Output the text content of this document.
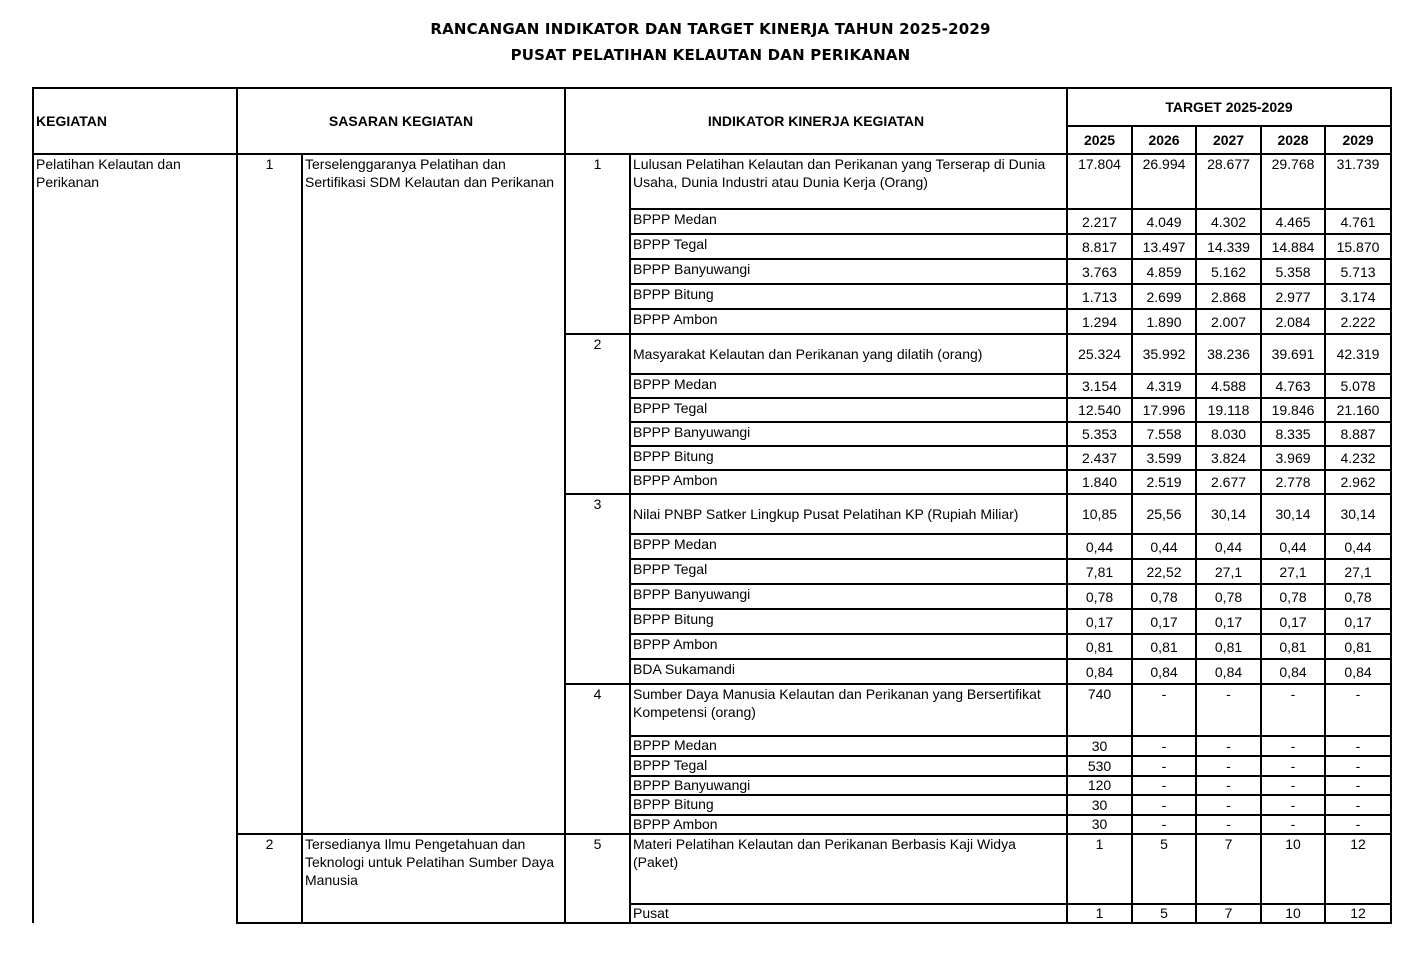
RANCANGAN INDIKATOR DAN TARGET KINERJA TAHUN 2025-2029
PUSAT PELATIHAN KELAUTAN DAN PERIKANAN
KEGIATAN	SASARAN KEGIATAN		INDIKATOR KINERJA KEGIATAN		TARGET 2025-2029				
					2025	2026	2027	2028	2029
Pelatihan Kelautan dan Perikanan	1	Terselenggaranya Pelatihan dan Sertifikasi SDM Kelautan dan Perikanan	1	Lulusan Pelatihan Kelautan dan Perikanan yang Terserap di Dunia Usaha, Dunia Industri atau Dunia Kerja (Orang)	17.804	26.994	28.677	29.768	31.739
				BPPP Medan	2.217	4.049	4.302	4.465	4.761
				BPPP Tegal	8.817	13.497	14.339	14.884	15.870
				BPPP Banyuwangi	3.763	4.859	5.162	5.358	5.713
				BPPP Bitung	1.713	2.699	2.868	2.977	3.174
				BPPP Ambon	1.294	1.890	2.007	2.084	2.222
			2	Masyarakat Kelautan dan Perikanan yang dilatih (orang)	25.324	35.992	38.236	39.691	42.319
				BPPP Medan	3.154	4.319	4.588	4.763	5.078
				BPPP Tegal	12.540	17.996	19.118	19.846	21.160
				BPPP Banyuwangi	5.353	7.558	8.030	8.335	8.887
				BPPP Bitung	2.437	3.599	3.824	3.969	4.232
				BPPP Ambon	1.840	2.519	2.677	2.778	2.962
			3	Nilai PNBP Satker Lingkup Pusat Pelatihan KP (Rupiah Miliar)	10,85	25,56	30,14	30,14	30,14
				BPPP Medan	0,44	0,44	0,44	0,44	0,44
				BPPP Tegal	7,81	22,52	27,1	27,1	27,1
				BPPP Banyuwangi	0,78	0,78	0,78	0,78	0,78
				BPPP Bitung	0,17	0,17	0,17	0,17	0,17
				BPPP Ambon	0,81	0,81	0,81	0,81	0,81
				BDA Sukamandi	0,84	0,84	0,84	0,84	0,84
			4	Sumber Daya Manusia Kelautan dan Perikanan yang Bersertifikat Kompetensi (orang)	740	-	-	-	-
				BPPP Medan	30	-	-	-	-
				BPPP Tegal	530	-	-	-	-
				BPPP Banyuwangi	120	-	-	-	-
				BPPP Bitung	30	-	-	-	-
				BPPP Ambon	30	-	-	-	-
	2	Tersedianya Ilmu Pengetahuan dan Teknologi untuk Pelatihan Sumber Daya Manusia	5	Materi Pelatihan Kelautan dan Perikanan Berbasis Kaji Widya (Paket)	1	5	7	10	12
				Pusat	1	5	7	10	12
